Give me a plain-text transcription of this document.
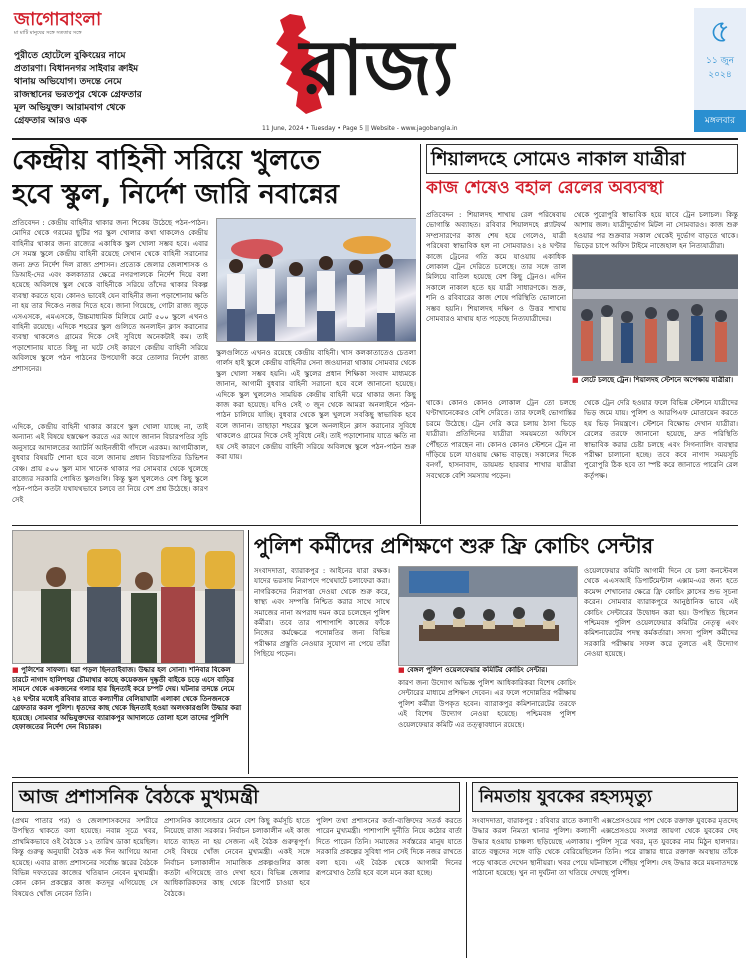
জাগোবাংলা
মা মাটি মানুষের সঙ্গে সততার সঙ্গে
পুরীতে হোটেলে বুকিংয়ের নামে
প্রতারণা। বিধাননগর সাইবার ক্রাইম
থানায় অভিযোগ। তদন্তে নেমে
রাজস্থানের ভরতপুর থেকে গ্রেফতার
মূল অভিযুক্ত। আরামবাগ থেকে
গ্রেফতার আরও এক
রাজ্য
11 June, 2024 • Tuesday • Page 5 || Website - www.jagobangla.in
৫
১১ জুন ২০২৪
মঙ্গলবার
কেন্দ্রীয় বাহিনী সরিয়ে খুলতে
হবে স্কুল, নির্দেশ জারি নবান্নের
প্রতিবেদন : কেন্দ্রীয় বাহিনীর থাকার জন্য শিকেয় উঠেছে পঠন-পাঠন। মোদির থেকে গরমের ছুটির পর স্কুল খোলার কথা থাকলেও কেন্দ্রীয় বাহিনীর থাকার জন্য রাজ্যের একাধিক স্কুল খোলা সম্ভব হবে। এবার সে সমস্ত স্কুলে কেন্দ্রীয় বাহিনী রয়েছে সেখান থেকে বাহিনী সরানোর জন্য দ্রুত নির্দেশ দিল রাজ্য প্রশাসন। প্রত্যেক জেলার জেলাশাসক ও ডিআই-দের এবং কলকাতার ক্ষেত্রে নগরপালকে নির্দেশ দিয়ে বলা হয়েছে অবিলম্বে স্কুল থেকে বাহিনীকে সরিয়ে তাঁদের থাকার বিকল্প ব্যবস্থা করতে হবে। কোনও ভাবেই যেন বাহিনীর জন্য পড়াশোনায় ক্ষতি না হয় তার দিকেও নজর দিতে হবে। জানা গিয়েছে, গোটা রাজ্য জুড়ে এসএসকে, এমএসকে, উচ্চমাধ্যমিক মিলিয়ে মোট ৫০০ স্কুলে এখনও বাহিনী রয়েছে। এদিকে শহরের স্কুল গুলিতে অনলাইন ক্লাস করানোর ব্যবস্থা থাকলেও গ্রামের দিকে সেই সুবিধে অনেকটাই কম। তাই পড়াশোনায় যাতে কিছু না ঘটে সেই কারণে কেন্দ্রীয় বাহিনী সরিয়ে অবিলম্বে স্কুলে পঠন পাঠনের উপযোগী করে তোলার নির্দেশ রাজ্য প্রশাসনের।
এদিকে, কেন্দ্রীয় বাহিনী থাকার কারণে স্কুল খোলা যাচ্ছে না, তাই অন্যান্য এই বিষয়ে হস্তক্ষেপ করতে এর আগে জানান বিচারপতির সূচি অনুসারে আদালতের অ্যাটর্নি আইনজীবী গাঁদলে এরকম। আগামীকাল, বুধবার বিষয়টি শোনা হবে বলে জানায় প্রধান বিচারপতির ডিভিশন বেঞ্চ। প্রায় ৫০০ স্কুল মাস খানেক থাকার পর সোমবার থেকে খুলেছে রাজ্যের সরকারি পোষিত স্কুলগুলি। কিন্তু স্কুল খুললেও বেশ কিছু স্কুলে পঠন-পাঠন কতটা যথাযথভাবে চলবে তা নিয়ে বেশ প্রশ্ন উঠেছে। কারণ সেই
স্কুলগুলিতে এখনও রয়েছে কেন্দ্রীয় বাহিনী। খাস কলকাতাতেও চেতলা গার্লস হাই স্কুলে কেন্দ্রীয় বাহিনীর সেনা জওয়ানরা থাকায় সোমবার থেকে স্কুল খোলা সম্ভব হয়নি। এই স্কুলের প্রধান শিক্ষিকা সংবাদ মাধ্যমকে জানান, আগামী বুধবার বাহিনী সরানো হবে বলে জানানো হয়েছে। এদিকে স্কুল খুললেও সাময়িক কেন্দ্রীয় বাহিনী ঘরে থাকার জন্য কিছু কাজ করা হয়েছে। যদিও সেই ৩ জুন থেকে আমরা অনলাইনে পঠন-পাঠন চালিয়ে যাচ্ছি। বুধবার থেকে স্কুল খুললে সবকিছু স্বাভাবিক হবে বলে জানান। তাছাড়া শহরের স্কুলে অনলাইনে ক্লাস করানোর সুবিধে থাকলেও গ্রামের দিকে সেই সুবিধে নেই। তাই পড়াশোনায় যাতে ক্ষতি না হয় সেই কারণে কেন্দ্রীয় বাহিনী সরিয়ে অবিলম্বে স্কুলে পঠন-পাঠন শুরু করা যায়।
শিয়ালদহে সোমেও নাকাল যাত্রীরা
কাজ শেষেও বহাল রেলের অব্যবস্থা
প্রতিবেদন : শিয়ালদহ শাখায় রেল পরিষেবায় ভোগান্তি অব্যাহত। রবিবার শিয়ালদহে প্ল্যাটফর্ম সম্প্রসারণের কাজ শেষ হয়ে গেলেও, যাত্রী পরিষেবা স্বাভাবিক হল না সোমবারও। ২৪ ঘণ্টার কাজে ট্রেনের গতি কমে যাওয়ায় একাধিক লোকাল ট্রেন দেরিতে চলেছে। তার সঙ্গে তাল মিলিয়ে বাতিল হয়েছে বেশ কিছু ট্রেনও। এদিন সকালে নাকাল হতে হয় যাত্রী সাধারণকে। শুক্র, শনি ও রবিবারের কাজ শেষে পরিস্থিতি ভোলানো সম্ভব হয়নি। শিয়ালদহ দক্ষিণ ও উত্তর শাখায় সোমবারও মাথায় হাত পড়েছে নিত্যযাত্রীদের।
থেকে পুরোপুরি স্বাভাবিক হয়ে যাবে ট্রেন চলাচল। কিন্তু আশায় জল। যাত্রীদুর্ভোগ মিটল না সোমবারও। কাজ শুরু হওয়ার পর শুক্রবার সকাল থেকেই দুর্ভোগ বাড়তে থাকে। ভিড়ের চাপে অফিস টাইমে নাজেহাল হন নিত্যযাত্রীরা।
■ লেটে চলছে ট্রেন। শিয়ালদহ স্টেশনে অপেক্ষায় যাত্রীরা।
থাকে। কোনও কোনও লোকাল ট্রেন তো চলছে ঘণ্টাখানেকেরও বেশি দেরিতে। তার ফলেই ভোগান্তির চরমে উঠেছে। ট্রেন দেরি করে চলায় ঠাসা ভিড়ে যাত্রীরা। প্রতিদিনের যাত্রীরা সময়মতো অফিসে পৌঁছতে পারছেন না। কোনও কোনও স্টেশনে ট্রেন না দাঁড়িয়ে চলে যাওয়ায় ক্ষোভ বাড়ছে। সকালের দিকে বনগাঁ, হাসনাবাদ, ডায়মন্ড হারবার শাখার যাত্রীরা সবথেকে বেশি সমস্যায় পড়েন।
থেকে ট্রেন দেরি হওয়ার ফলে বিভিন্ন স্টেশনে যাত্রীদের ভিড় জমে যায়। পুলিশ ও আরপিএফ মোতায়েন করতে হয় ভিড় নিয়ন্ত্রণে। স্টেশনে বিক্ষোভ দেখান যাত্রীরা। রেলের তরফে জানানো হয়েছে, দ্রুত পরিস্থিতি স্বাভাবিক করার চেষ্টা চলছে এবং সিগন্যালিং ব্যবস্থার পরীক্ষা চালানো হচ্ছে। তবে কবে নাগাদ সময়সূচি পুরোপুরি ঠিক হবে তা স্পষ্ট করে জানাতে পারেনি রেল কর্তৃপক্ষ।
■ পুলিশের সাফল্য। ধরা পড়ল ছিনতাইবাজ। উদ্ধার হল সোনা। শনিবার বিকেল চারটে নাগাদ হালিশহর চৌমাথার কাছে কয়েকজন দুষ্কৃতী বাইকে চড়ে এসে বাড়ির সামনে থেকে একজনের গলার হার ছিনতাই করে চম্পট দেয়। ঘটনার তদন্তে নেমে ২৪ ঘণ্টার মধ্যেই রবিবার রাতে কল্যাণীর বেলিয়াঘাটা এলাকা থেকে তিনজনকে গ্রেফতার করল পুলিশ। ধৃতদের কাছ থেকে ছিনতাই হওয়া অলংকারগুলি উদ্ধার করা হয়েছে। সোমবার অভিযুক্তদের ব্যারাকপুর আদালতে তোলা হলে তাদের পুলিশি হেফাজতের নির্দেশ দেন বিচারক।
পুলিশ কর্মীদের প্রশিক্ষণে শুরু ফ্রি কোচিং সেন্টার
সংবাদদাতা, ব্যারাকপুর : আইনের যারা রক্ষক। যাদের ভরসায় নিরাপদে পথেঘাটে চলাফেরা করা। নাগরিকদের নিরাপত্তা দেওয়া থেকে শুরু করে, স্বাস্থ্য এবং সম্পত্তি নিশ্চিত করার সাথে সাথে সমাজের নানা অপরাধ দমন করে চলেছেন পুলিশ কর্মীরা। তবে তার পাশাপাশি কাজের ফাঁকে নিজের কর্মক্ষেত্রে পদোন্নতির জন্য বিভিন্ন পরীক্ষার প্রস্তুতি নেওয়ার সুযোগ না পেয়ে তাঁরা পিছিয়ে পড়েন।
■ বেঙ্গল পুলিশ ওয়েলফেয়ার কমিটির কোচিং সেন্টার।
কারণ জন্য উদ্যোগ অভিজ্ঞ পুলিশ আধিকারিকরা বিশেষ কোচিং সেন্টারের মাধ্যমে প্রশিক্ষণ দেবেন। এর ফলে পদোন্নতির পরীক্ষায় পুলিশ কর্মীরা উপকৃত হবেন। ব্যারাকপুর কমিশনারেটের তরফে এই বিশেষ উদ্যোগ নেওয়া হয়েছে। পশ্চিমবঙ্গ পুলিশ ওয়েলফেয়ার কমিটি এর তত্ত্বাবধানে রয়েছে।
ওয়েলফেয়ার কমিটি আগামী দিনে যে চলা কনস্টেবল থেকে এএসআই ডিপার্টমেন্টাল এক্সাম-এর জন্য হতে কমেন্স শেখানোর ক্ষেত্রে ফ্রি কোচিং ক্লাসের শুভ সূচনা করেন। সোমবার ব্যারাকপুরে আনুষ্ঠানিক ভাবে এই কোচিং সেন্টারের উদ্বোধন করা হয়। উপস্থিত ছিলেন পশ্চিমবঙ্গ পুলিশ ওয়েলফেয়ার কমিটির নেতৃত্ব এবং কমিশনারেটের পদস্থ কর্মকর্তারা। সদস্য পুলিশ কর্মীদের সরকারি পরীক্ষায় সফল করে তুলতে এই উদ্যোগ নেওয়া হয়েছে।
আজ প্রশাসনিক বৈঠকে মুখ্যমন্ত্রী
(প্রথম পাতার পর) ও জেলাশাসকদের সশরীরে উপস্থিত থাকতে বলা হয়েছে। নবান্ন সূত্রে খবর, প্রাথমিকভাবে ওই বৈঠকে ১২ তারিখ ডাকা হয়েছিল। কিন্তু গুরুত্ব অনুযায়ী বৈঠক এক দিন আগিয়ে আনা হয়েছে। এবার রাজ্য প্রশাসনের সর্বোচ্চ স্তরের বৈঠকে বিভিন্ন দফতরের কাজের খতিয়ান নেবেন মুখ্যমন্ত্রী। কোন কোন প্রকল্পের কাজ কতদূর এগিয়েছে সে বিষয়েও খোঁজ নেবেন তিনি।
প্রশাসনিক ক্যালেন্ডার মেনে বেশ কিছু কর্মসূচি হাতে নিয়েছে রাজ্য সরকার। নির্বাচন চলাকালীন এই কাজ যাতে ব্যাহত না হয় সেজন্য এই বৈঠক গুরুত্বপূর্ণ। সেই বিষয়ে খোঁজ নেবেন মুখ্যমন্ত্রী। একই সঙ্গে নির্বাচন চলাকালীন সামাজিক প্রকল্পগুলির কাজ কতটা এগিয়েছে তাও দেখা হবে। বিভিন্ন জেলার আধিকারিকদের কাছ থেকে রিপোর্ট চাওয়া হবে বৈঠকে।
পুলিশ তথা প্রশাসনের কর্তা-ব্যক্তিদের সতর্ক করতে পারেন মুখ্যমন্ত্রী। পাশাপাশি দুর্নীতি নিয়ে কঠোর বার্তা দিতে পারেন তিনি। সমাজের সর্বস্তরের মানুষ যাতে সরকারি প্রকল্পের সুবিধা পান সেই দিকে নজর রাখতে বলা হবে। এই বৈঠক থেকে আগামী দিনের রূপরেখাও তৈরি হবে বলে মনে করা হচ্ছে।
নিমতায় যুবকের রহস্যমৃত্যু
সংবাদদাতা, বারাকপুর : রবিবার রাতে কল্যাণী এক্সপ্রেসওয়ের পাশ থেকে রক্তাক্ত যুবকের মৃতদেহ উদ্ধার করল নিমতা থানার পুলিশ। কল্যাণী এক্সপ্রেসওয়ে সংলগ্ন জায়গা থেকে যুবকের দেহ উদ্ধার হওয়ায় চাঞ্চল্য ছড়িয়েছে এলাকায়। পুলিশ সূত্রে খবর, মৃত যুবকের নাম মিঠুন হালদার। রাতে বন্ধুদের সঙ্গে বাড়ি থেকে বেরিয়েছিলেন তিনি। পরে রাস্তার ধারে রক্তাক্ত অবস্থায় তাঁকে পড়ে থাকতে দেখেন স্থানীয়রা। খবর পেয়ে ঘটনাস্থলে পৌঁছয় পুলিশ। দেহ উদ্ধার করে ময়নাতদন্তে পাঠানো হয়েছে। খুন না দুর্ঘটনা তা খতিয়ে দেখছে পুলিশ।
